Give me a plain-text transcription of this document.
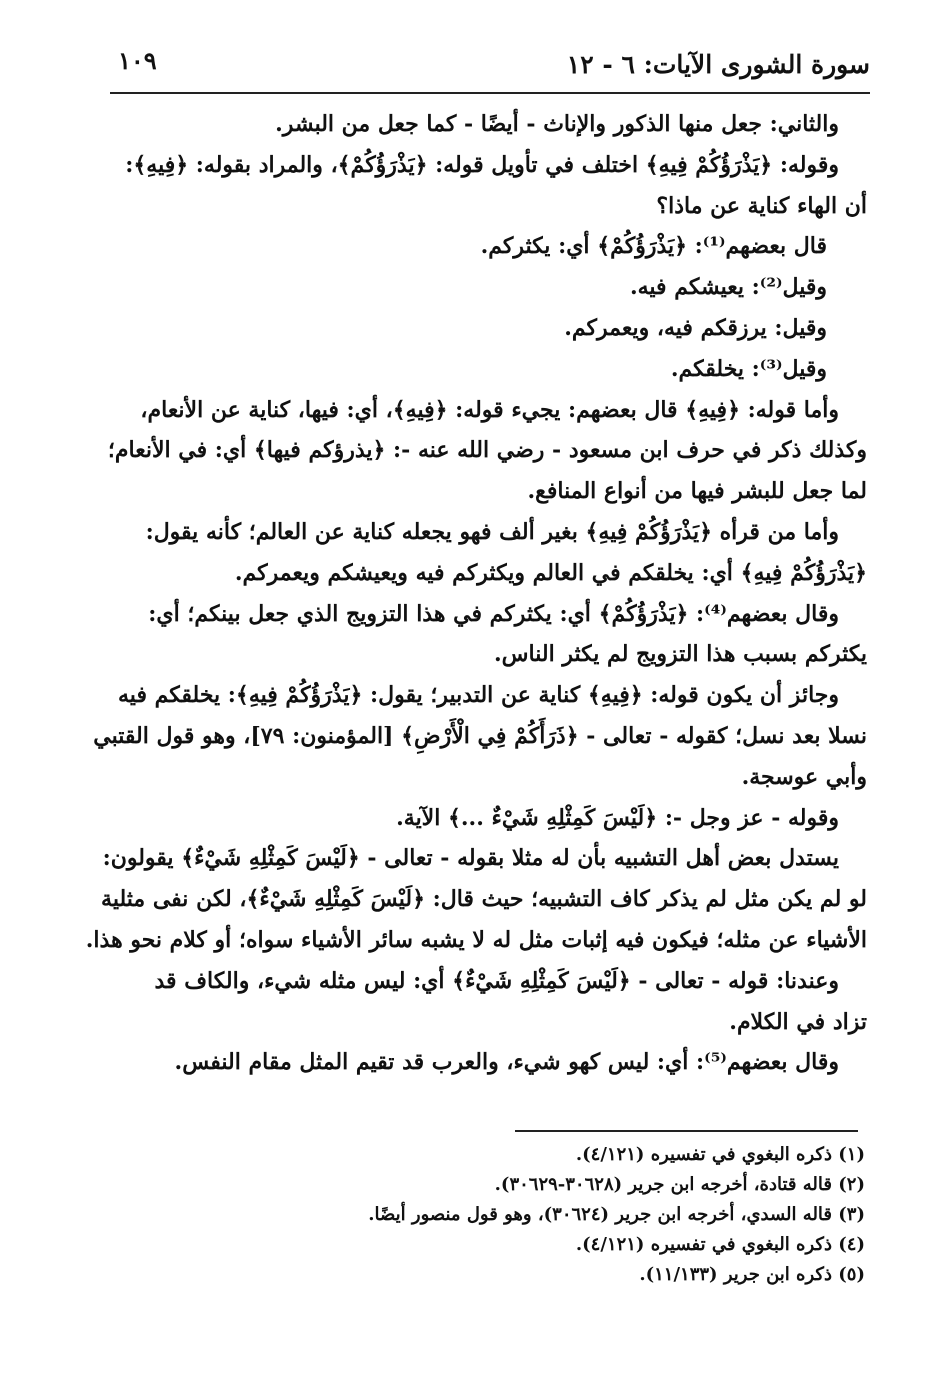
سورة الشورى الآيات: ٦ - ١٢
١٠٩

والثاني: جعل منها الذكور والإناث - أيضًا - كما جعل من البشر.

وقوله: ﴿يَذْرَؤُكُمْ فِيهِ﴾ اختلف في تأويل قوله: ﴿يَذْرَؤُكُمْ﴾، والمراد بقوله: ﴿فِيهِ﴾:

أن الهاء كناية عن ماذا؟

قال بعضهم⁽¹⁾: ﴿يَذْرَؤُكُمْ﴾ أي: يكثركم.

وقيل⁽²⁾: يعيشكم فيه.

وقيل: يرزقكم فيه، ويعمركم.

وقيل⁽³⁾: يخلقكم.

وأما قوله: ﴿فِيهِ﴾ قال بعضهم: يجيء قوله: ﴿فِيهِ﴾، أي: فيها، كناية عن الأنعام،

وكذلك ذكر في حرف ابن مسعود - رضي الله عنه -: ﴿يذرؤكم فيها﴾ أي: في الأنعام؛

لما جعل للبشر فيها من أنواع المنافع.

وأما من قرأه ﴿يَذْرَؤُكُمْ فِيهِ﴾ بغير ألف فهو يجعله كناية عن العالم؛ كأنه يقول:

﴿يَذْرَؤُكُمْ فِيهِ﴾ أي: يخلقكم في العالم ويكثركم فيه ويعيشكم ويعمركم.

وقال بعضهم⁽⁴⁾: ﴿يَذْرَؤُكُمْ﴾ أي: يكثركم في هذا التزويج الذي جعل بينكم؛ أي:

يكثركم بسبب هذا التزويج لم يكثر الناس.

وجائز أن يكون قوله: ﴿فِيهِ﴾ كناية عن التدبير؛ يقول: ﴿يَذْرَؤُكُمْ فِيهِ﴾: يخلقكم فيه

نسلا بعد نسل؛ كقوله - تعالى - ﴿ذَرَأَكُمْ فِي الْأَرْضِ﴾ [المؤمنون: ٧٩]، وهو قول القتبي

وأبي عوسجة.

وقوله - عز وجل -: ﴿لَيْسَ كَمِثْلِهِ شَيْءٌ ...﴾ الآية.

يستدل بعض أهل التشبيه بأن له مثلا بقوله - تعالى - ﴿لَيْسَ كَمِثْلِهِ شَيْءٌ﴾ يقولون:

لو لم يكن مثل لم يذكر كاف التشبيه؛ حيث قال: ﴿لَيْسَ كَمِثْلِهِ شَيْءٌ﴾، لكن نفى مثلية

الأشياء عن مثله؛ فيكون فيه إثبات مثل له لا يشبه سائر الأشياء سواه؛ أو كلام نحو هذا.

وعندنا: قوله - تعالى - ﴿لَيْسَ كَمِثْلِهِ شَيْءٌ﴾ أي: ليس مثله شيء، والكاف قد

تزاد في الكلام.

وقال بعضهم⁽⁵⁾: أي: ليس كهو شيء، والعرب قد تقيم المثل مقام النفس.

(١) ذكره البغوي في تفسيره (٤/١٢١).

(٢) قاله قتادة، أخرجه ابن جرير (٣٠٦٢٨-٣٠٦٢٩).

(٣) قاله السدي، أخرجه ابن جرير (٣٠٦٢٤)، وهو قول منصور أيضًا.

(٤) ذكره البغوي في تفسيره (٤/١٢١).

(٥) ذكره ابن جرير (١١/١٣٣).
